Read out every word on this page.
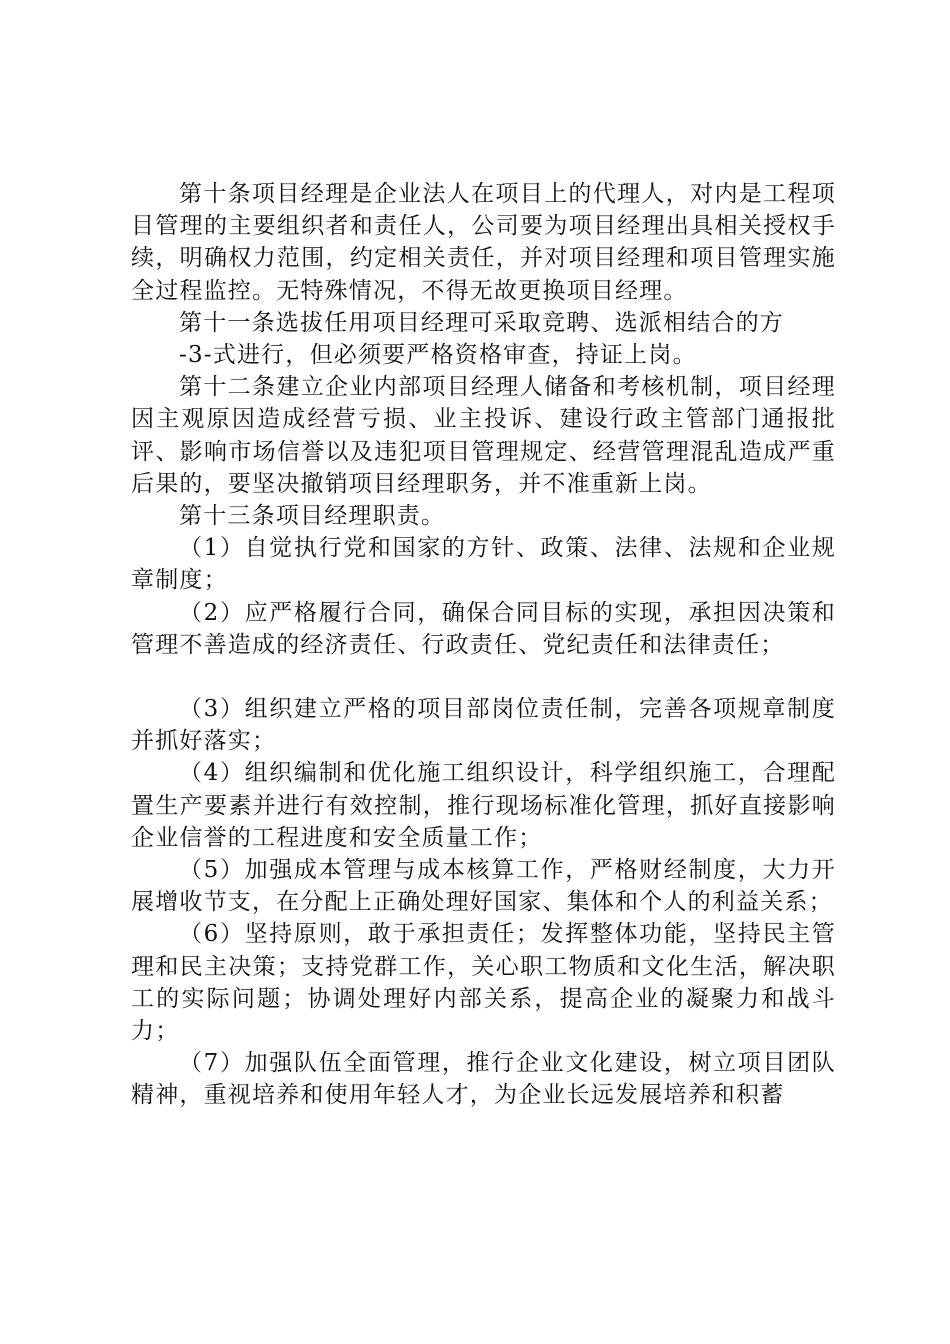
第十条项目经理是企业法人在项目上的代理人，对内是工程项目管理的主要组织者和责任人，公司要为项目经理出具相关授权手续，明确权力范围，约定相关责任，并对项目经理和项目管理实施全过程监控。无特殊情况，不得无故更换项目经理。

第十一条选拔任用项目经理可采取竞聘、选派相结合的方

-3-式进行，但必须要严格资格审查，持证上岗。

第十二条建立企业内部项目经理人储备和考核机制，项目经理因主观原因造成经营亏损、业主投诉、建设行政主管部门通报批评、影响市场信誉以及违犯项目管理规定、经营管理混乱造成严重后果的，要坚决撤销项目经理职务，并不准重新上岗。

第十三条项目经理职责。

（1）自觉执行党和国家的方针、政策、法律、法规和企业规章制度；

（2）应严格履行合同，确保合同目标的实现，承担因决策和管理不善造成的经济责任、行政责任、党纪责任和法律责任；

（3）组织建立严格的项目部岗位责任制，完善各项规章制度并抓好落实；

（4）组织编制和优化施工组织设计，科学组织施工，合理配置生产要素并进行有效控制，推行现场标准化管理，抓好直接影响企业信誉的工程进度和安全质量工作；

（5）加强成本管理与成本核算工作，严格财经制度，大力开展增收节支，在分配上正确处理好国家、集体和个人的利益关系；

（6）坚持原则，敢于承担责任；发挥整体功能，坚持民主管理和民主决策；支持党群工作，关心职工物质和文化生活，解决职工的实际问题；协调处理好内部关系，提高企业的凝聚力和战斗力；

（7）加强队伍全面管理，推行企业文化建设，树立项目团队精神，重视培养和使用年轻人才，为企业长远发展培养和积蓄
